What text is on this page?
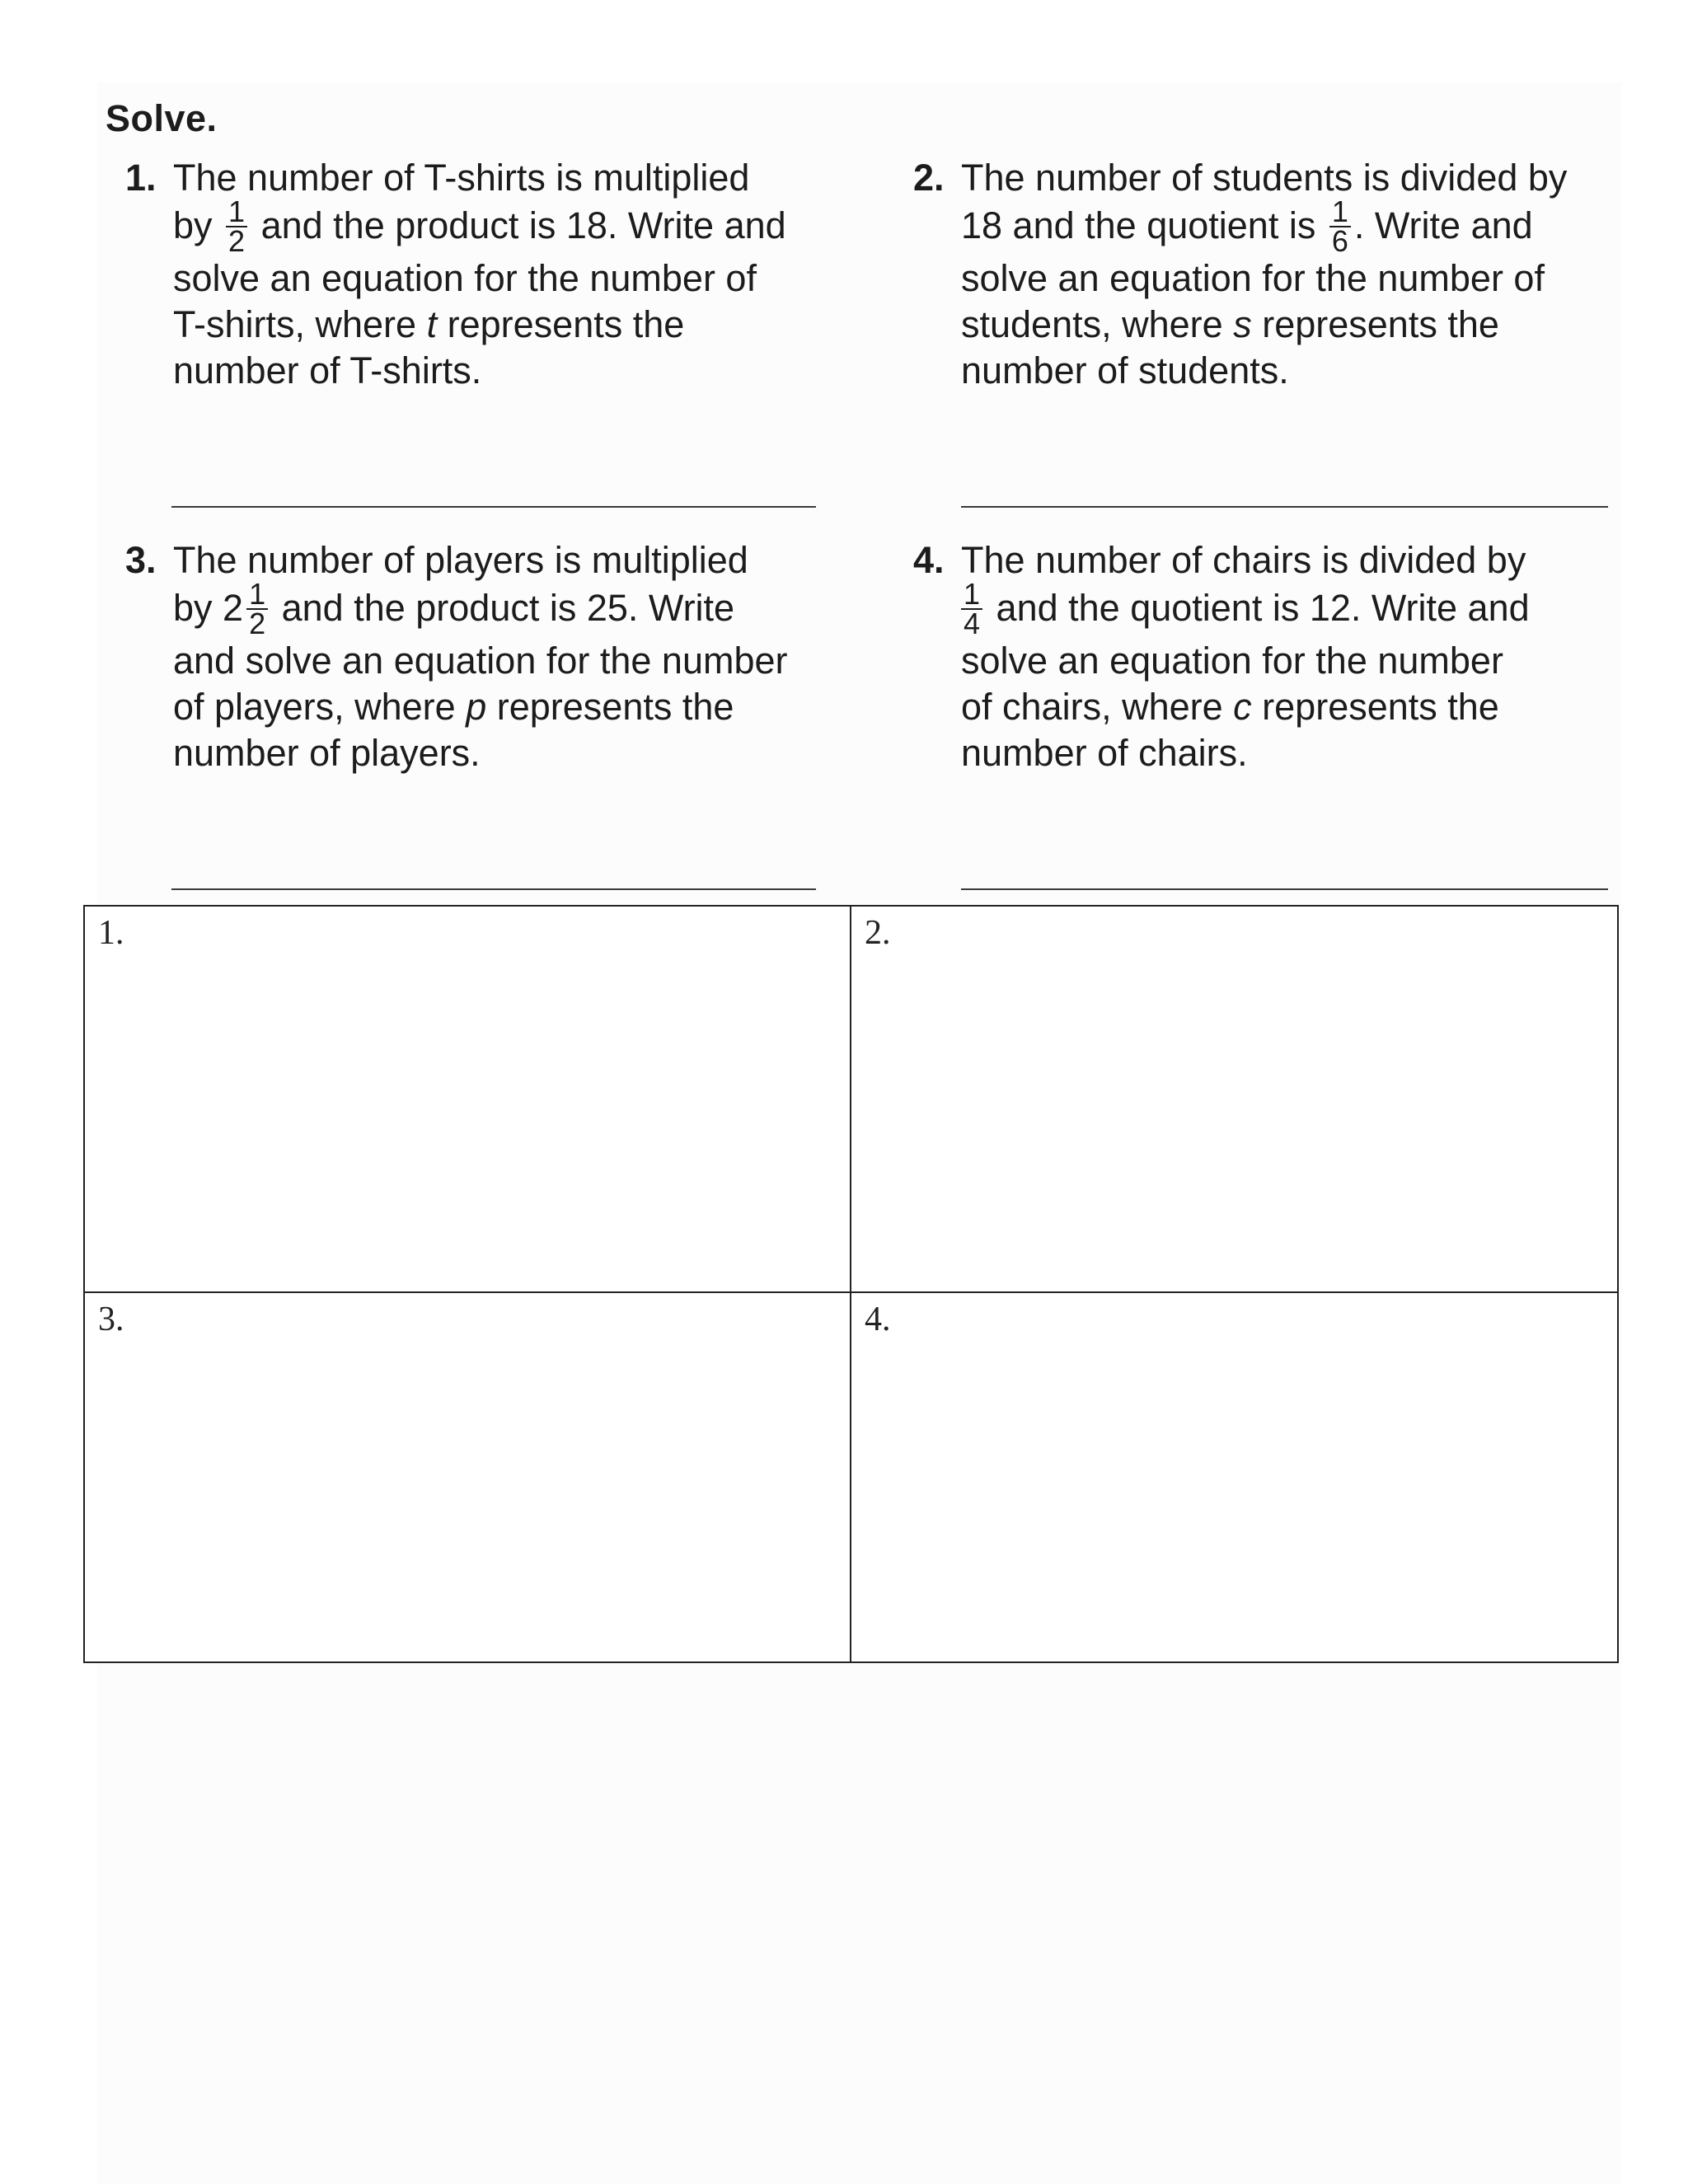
Solve.
1. The number of T-shirts is multiplied
by $\frac{1}{2}$ and the product is 18. Write and
solve an equation for the number of
T-shirts, where t represents the
number of T-shirts.
2. The number of students is divided by
18 and the quotient is $\frac{1}{6}$ . Write and
solve an equation for the number of
students, where s represents the
number of students.
3. The number of players is multiplied
by $2 \frac{1}{2}$ and the product is 25. Write
and solve an equation for the number
of players, where p represents the
number of players.
4. The number of chairs is divided by
$\frac{1}{4}$ and the quotient is 12. Write and
solve an equation for the number
of chairs, where c represents the
number of chairs.
1.	2.
3.	4.
